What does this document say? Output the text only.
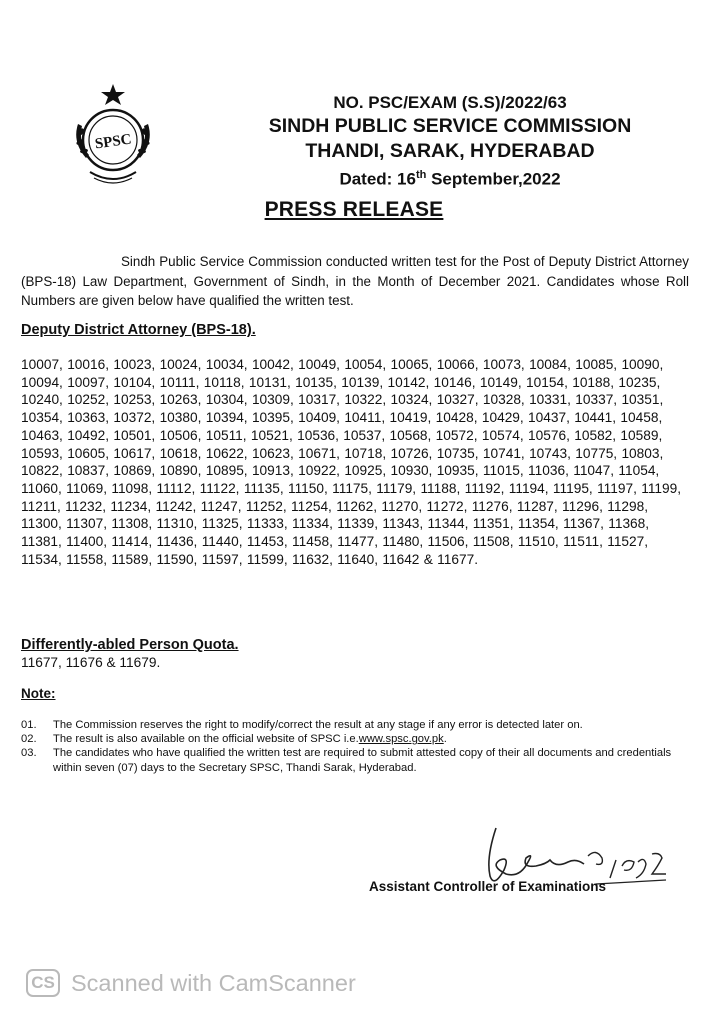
SPSC
NO. PSC/EXAM (S.S)/2022/63
SINDH PUBLIC SERVICE COMMISSION
THANDI, SARAK, HYDERABAD
Dated: 16th September,2022
PRESS RELEASE
Sindh Public Service Commission conducted written test for the Post of Deputy District Attorney (BPS-18) Law Department, Government of Sindh, in the Month of December 2021. Candidates whose Roll Numbers are given below have qualified the written test.
Deputy District Attorney (BPS-18).
10007, 10016, 10023, 10024, 10034, 10042, 10049, 10054, 10065, 10066, 10073, 10084, 10085, 10090, 10094, 10097, 10104, 10111, 10118, 10131, 10135, 10139, 10142, 10146, 10149, 10154, 10188, 10235, 10240, 10252, 10253, 10263, 10304, 10309, 10317, 10322, 10324, 10327, 10328, 10331, 10337, 10351, 10354, 10363, 10372, 10380, 10394, 10395, 10409, 10411, 10419, 10428, 10429, 10437, 10441, 10458, 10463, 10492, 10501, 10506, 10511, 10521, 10536, 10537, 10568, 10572, 10574, 10576, 10582, 10589, 10593, 10605, 10617, 10618, 10622, 10623, 10671, 10718, 10726, 10735, 10741, 10743, 10775, 10803, 10822, 10837, 10869, 10890, 10895, 10913, 10922, 10925, 10930, 10935, 11015, 11036, 11047, 11054, 11060, 11069, 11098, 11112, 11122, 11135, 11150, 11175, 11179, 11188, 11192, 11194, 11195, 11197, 11199, 11211, 11232, 11234, 11242, 11247, 11252, 11254, 11262, 11270, 11272, 11276, 11287, 11296, 11298, 11300, 11307, 11308, 11310, 11325, 11333, 11334, 11339, 11343, 11344, 11351, 11354, 11367, 11368, 11381, 11400, 11414, 11436, 11440, 11453, 11458, 11477, 11480, 11506, 11508, 11510, 11511, 11527, 11534, 11558, 11589, 11590, 11597, 11599, 11632, 11640, 11642 & 11677.
Differently-abled Person Quota.
11677, 11676 & 11679.
Note:
01.	The Commission reserves the right to modify/correct the result at any stage if any error is detected later on.
02.	The result is also available on the official website of SPSC i.e.www.spsc.gov.pk.
03.	The candidates who have qualified the written test are required to submit attested copy of their all documents and credentials within seven (07) days to the Secretary SPSC, Thandi Sarak, Hyderabad.
Assistant Controller of Examinations
CS Scanned with CamScanner
